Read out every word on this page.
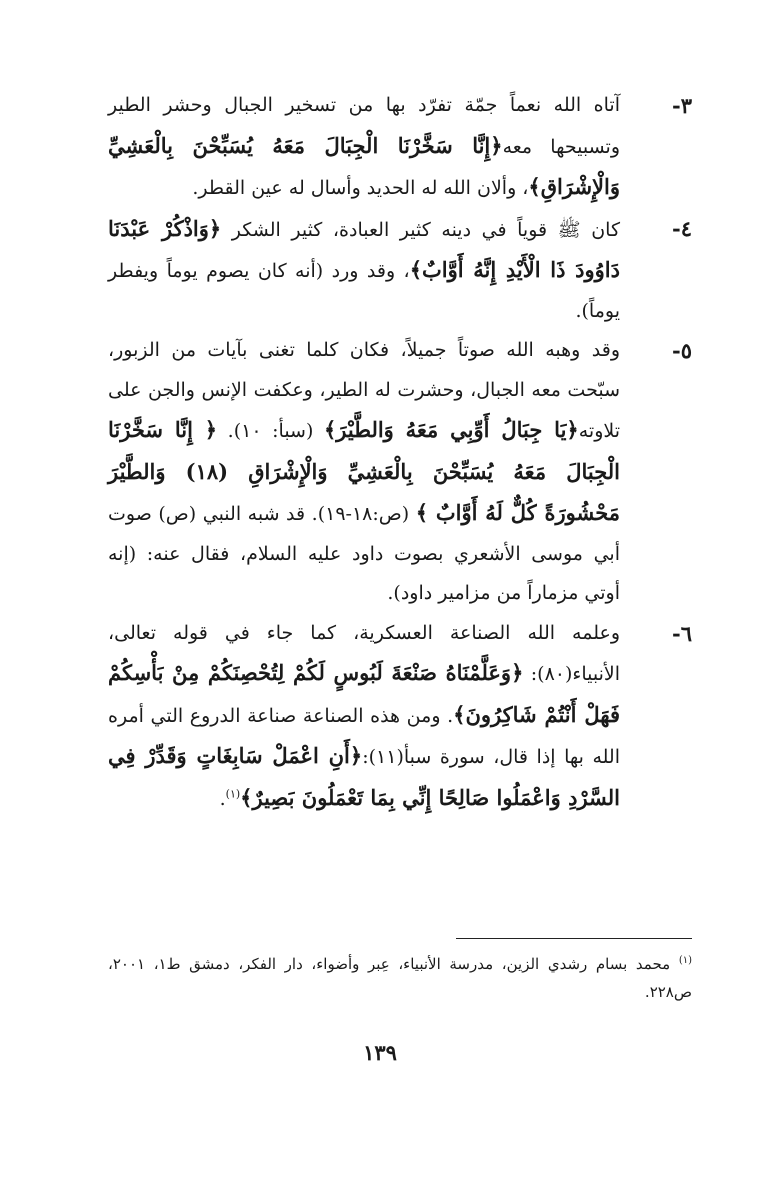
٣-
آتاه الله نعماً جمّة تفرّد بها من تسخير الجبال وحشر الطير وتسبيحها معه﴿إِنَّا سَخَّرْنَا الْجِبَالَ مَعَهُ يُسَبِّحْنَ بِالْعَشِيِّ وَالْإِشْرَاقِ﴾، وألان الله له الحديد وأسال له عين القطر.
٤-
كان ﷺ قوياً في دينه كثير العبادة، كثير الشكر ﴿وَاذْكُرْ عَبْدَنَا دَاوُودَ ذَا الْأَيْدِ إِنَّهُ أَوَّابٌ﴾، وقد ورد (أنه كان يصوم يوماً ويفطر يوماً).
٥-
وقد وهبه الله صوتاً جميلاً، فكان كلما تغنى بآيات من الزبور، سبّحت معه الجبال، وحشرت له الطير، وعكفت الإنس والجن على تلاوته﴿يَا جِبَالُ أَوِّبِي مَعَهُ وَالطَّيْرَ﴾ (سبأ: ١٠). ﴿ إِنَّا سَخَّرْنَا الْجِبَالَ مَعَهُ يُسَبِّحْنَ بِالْعَشِيِّ وَالْإِشْرَاقِ (١٨) وَالطَّيْرَ مَحْشُورَةً كُلٌّ لَهُ أَوَّابٌ ﴾ (ص:١٨-١٩). قد شبه النبي (ص) صوت أبي موسى الأشعري بصوت داود عليه السلام، فقال عنه: (إنه أوتي مزماراً من مزامير داود).
٦-
وعلمه الله الصناعة العسكرية، كما جاء في قوله تعالى، الأنبياء(٨٠): ﴿وَعَلَّمْنَاهُ صَنْعَةَ لَبُوسٍ لَكُمْ لِتُحْصِنَكُمْ مِنْ بَأْسِكُمْ فَهَلْ أَنْتُمْ شَاكِرُونَ﴾. ومن هذه الصناعة صناعة الدروع التي أمره الله بها إذا قال، سورة سبأ(١١):﴿أَنِ اعْمَلْ سَابِغَاتٍ وَقَدِّرْ فِي السَّرْدِ وَاعْمَلُوا صَالِحًا إِنِّي بِمَا تَعْمَلُونَ بَصِيرٌ﴾$^{(١)}$.
$^{(١)}$ محمد بسام رشدي الزين، مدرسة الأنبياء، عِبر وأضواء، دار الفكر، دمشق ط١، ٢٠٠١، ص٢٢٨.
١٣٩
